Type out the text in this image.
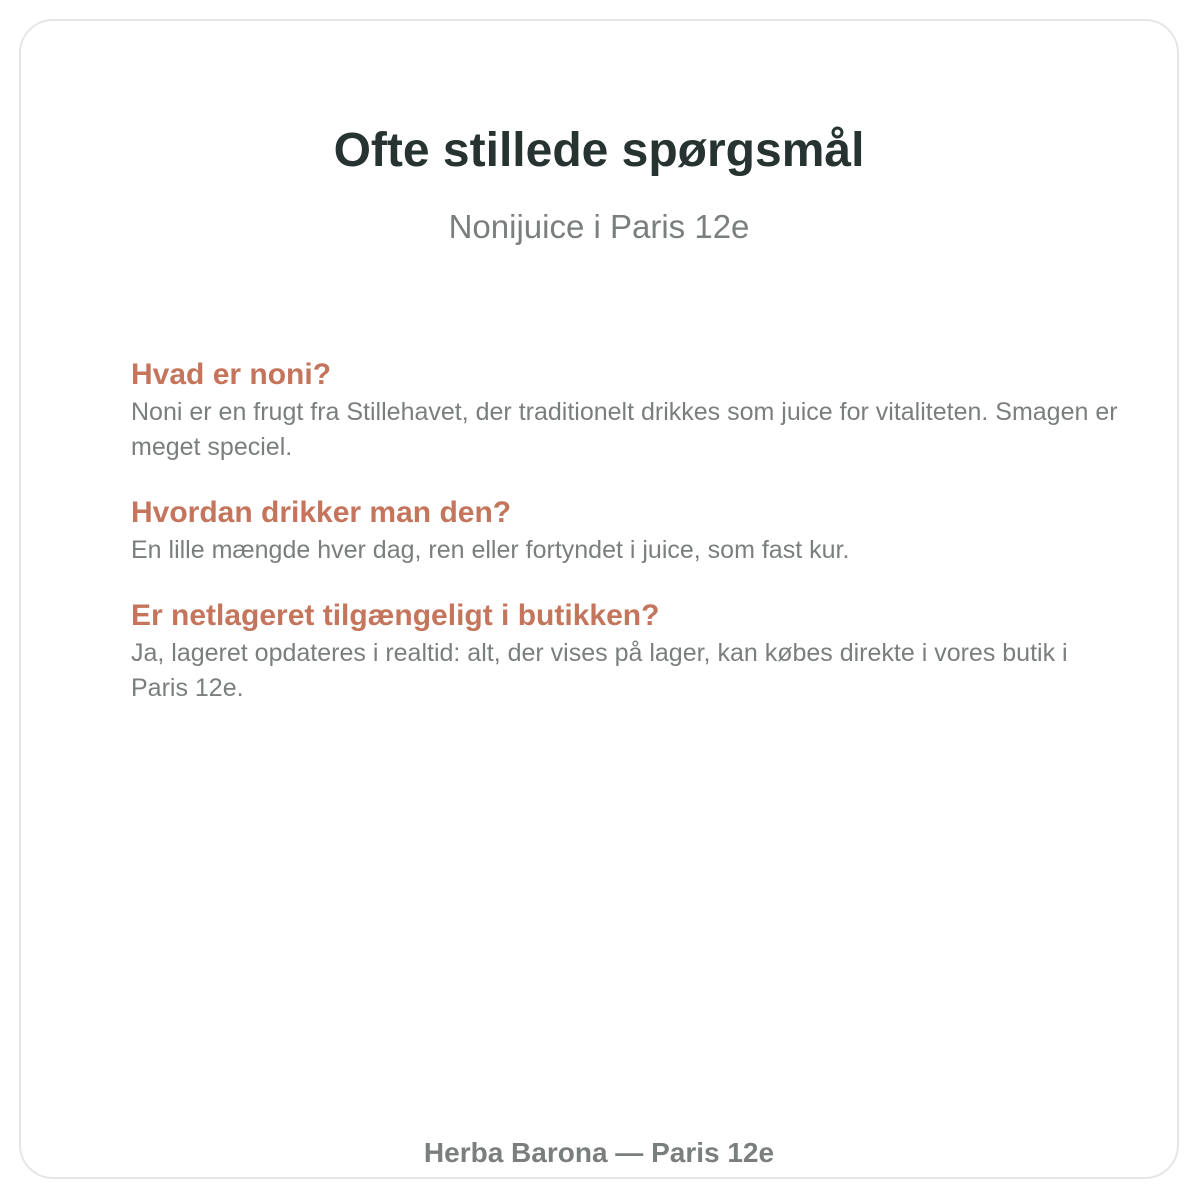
Ofte stillede spørgsmål

Nonijuice i Paris 12e

Hvad er noni?

Noni er en frugt fra Stillehavet, der traditionelt drikkes som juice for vitaliteten. Smagen er meget speciel.

Hvordan drikker man den?

En lille mængde hver dag, ren eller fortyndet i juice, som fast kur.

Er netlageret tilgængeligt i butikken?

Ja, lageret opdateres i realtid: alt, der vises på lager, kan købes direkte i vores butik i Paris 12e.

Herba Barona — Paris 12e
